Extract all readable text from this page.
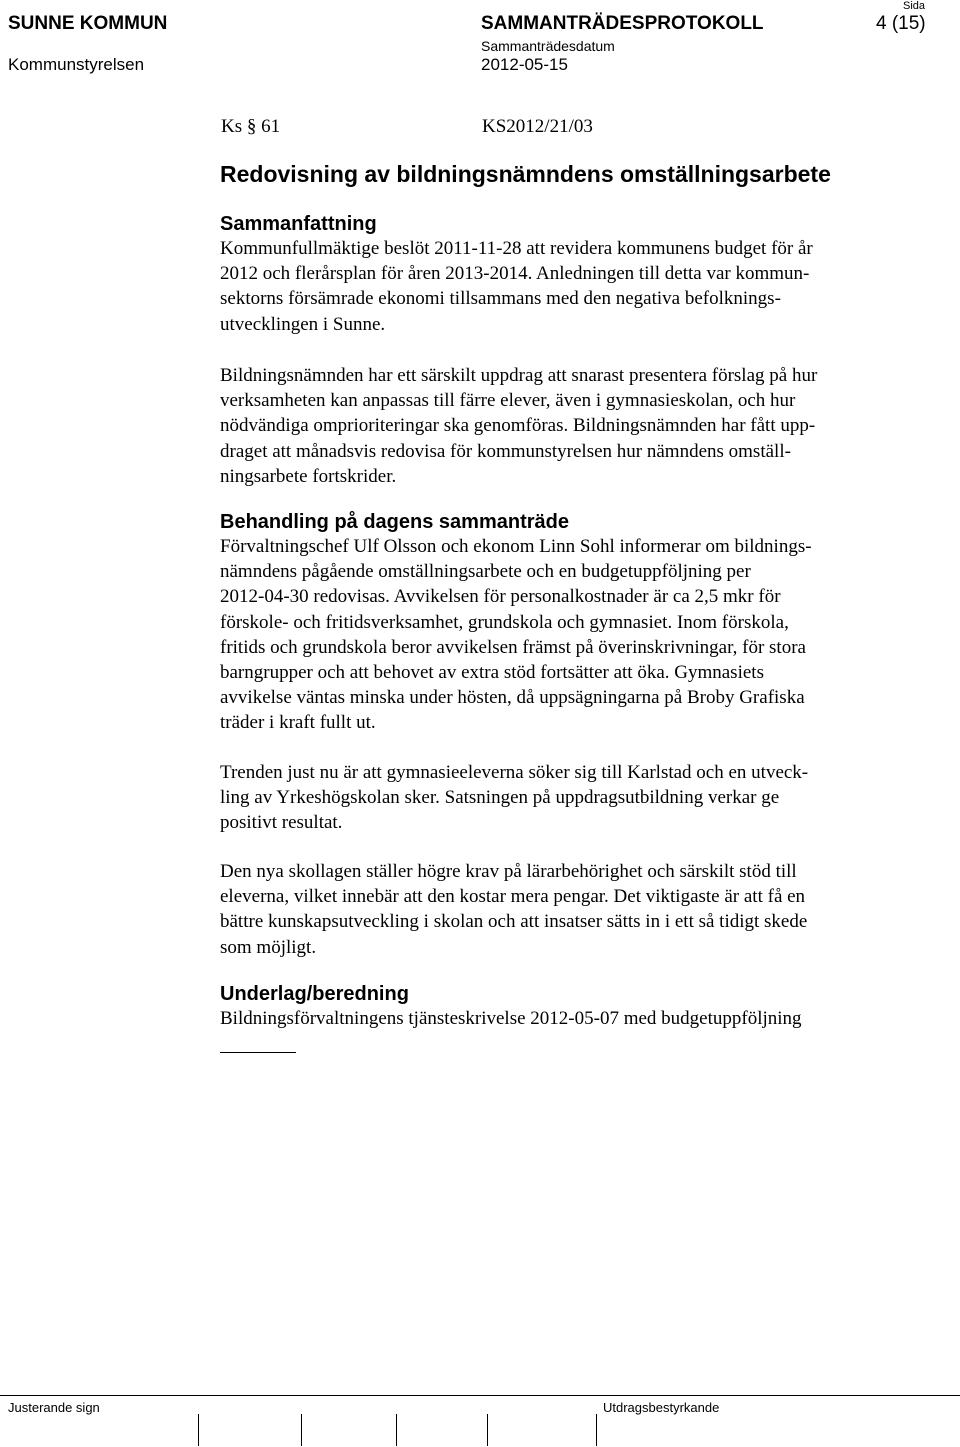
SUNNE KOMMUN
Kommunstyrelsen
SAMMANTRÄDESPROTOKOLL
Sammanträdesdatum
2012-05-15
Sida
4 (15)
Ks § 61	KS2012/21/03
Redovisning av bildningsnämndens omställningsarbete
Sammanfattning

Kommunfullmäktige beslöt 2011-11-28 att revidera kommunens budget för år
2012 och flerårsplan för åren 2013-2014. Anledningen till detta var kommun-
sektorns försämrade ekonomi tillsammans med den negativa befolknings-
utvecklingen i Sunne.

Bildningsnämnden har ett särskilt uppdrag att snarast presentera förslag på hur
verksamheten kan anpassas till färre elever, även i gymnasieskolan, och hur
nödvändiga omprioriteringar ska genomföras. Bildningsnämnden har fått upp-
draget att månadsvis redovisa för kommunstyrelsen hur nämndens omställ-
ningsarbete fortskrider.

Behandling på dagens sammanträde

Förvaltningschef Ulf Olsson och ekonom Linn Sohl informerar om bildnings-
nämndens pågående omställningsarbete och en budgetuppföljning per
2012-04-30 redovisas. Avvikelsen för personalkostnader är ca 2,5 mkr för
förskole- och fritidsverksamhet, grundskola och gymnasiet. Inom förskola,
fritids och grundskola beror avvikelsen främst på överinskrivningar, för stora
barngrupper och att behovet av extra stöd fortsätter att öka. Gymnasiets
avvikelse väntas minska under hösten, då uppsägningarna på Broby Grafiska
träder i kraft fullt ut.

Trenden just nu är att gymnasieeleverna söker sig till Karlstad och en utveck-
ling av Yrkeshögskolan sker. Satsningen på uppdragsutbildning verkar ge
positivt resultat.

Den nya skollagen ställer högre krav på lärarbehörighet och särskilt stöd till
eleverna, vilket innebär att den kostar mera pengar. Det viktigaste är att få en
bättre kunskapsutveckling i skolan och att insatser sätts in i ett så tidigt skede
som möjligt.

Underlag/beredning

Bildningsförvaltningens tjänsteskrivelse 2012-05-07 med budgetuppföljning

Justerande sign	Utdragsbestyrkande
